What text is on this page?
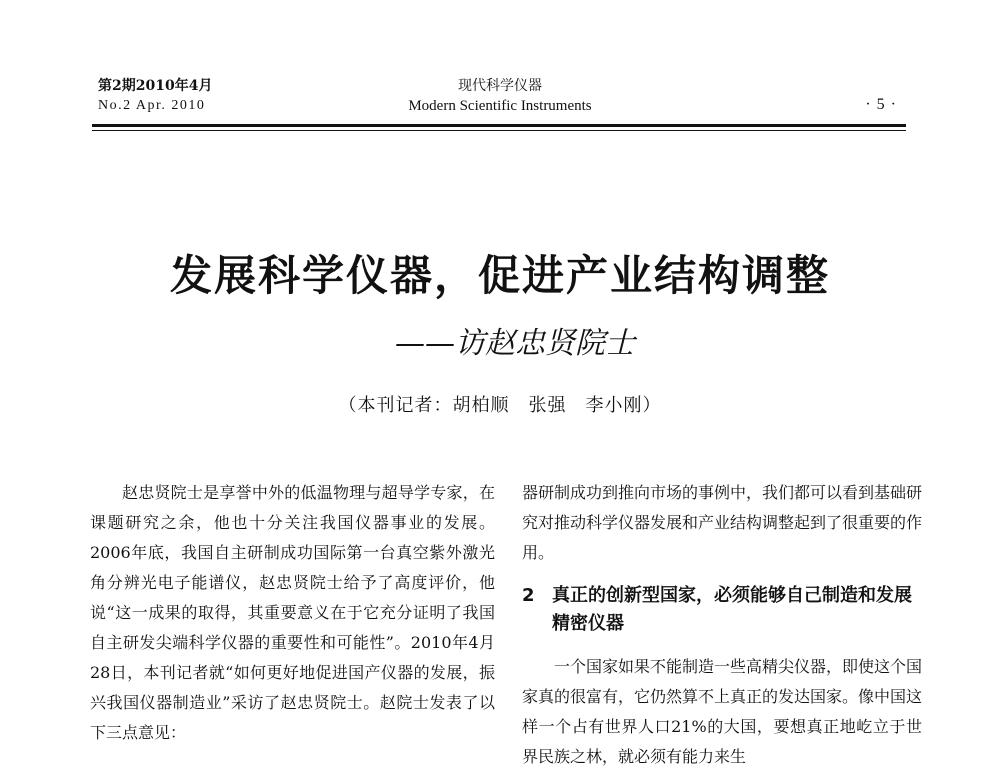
第2期2010年4月
No.2 Apr. 2010
现代科学仪器
Modern Scientific Instruments	·5·
发展科学仪器，促进产业结构调整
——访赵忠贤院士
（本刊记者：胡柏顺　张强　李小刚）

赵忠贤院士是享誉中外的低温物理与超导学专家，在课题研究之余，他也十分关注我国仪器事业的发展。2006年底，我国自主研制成功国际第一台真空紫外激光角分辨光电子能谱仪，赵忠贤院士给予了高度评价，他说“这一成果的取得，其重要意义在于它充分证明了我国自主研发尖端科学仪器的重要性和可能性”。2010年4月28日，本刊记者就“如何更好地促进国产仪器的发展，振兴我国仪器制造业”采访了赵忠贤院士。赵院士发表了以下三点意见：

器研制成功到推向市场的事例中，我们都可以看到基础研究对推动科学仪器发展和产业结构调整起到了很重要的作用。

2 真正的创新型国家，必须能够自己制造和发展精密仪器

一个国家如果不能制造一些高精尖仪器，即使这个国家真的很富有，它仍然算不上真正的发达国家。像中国这样一个占有世界人口21%的大国，要想真正地屹立于世界民族之林，就必须有能力来生
